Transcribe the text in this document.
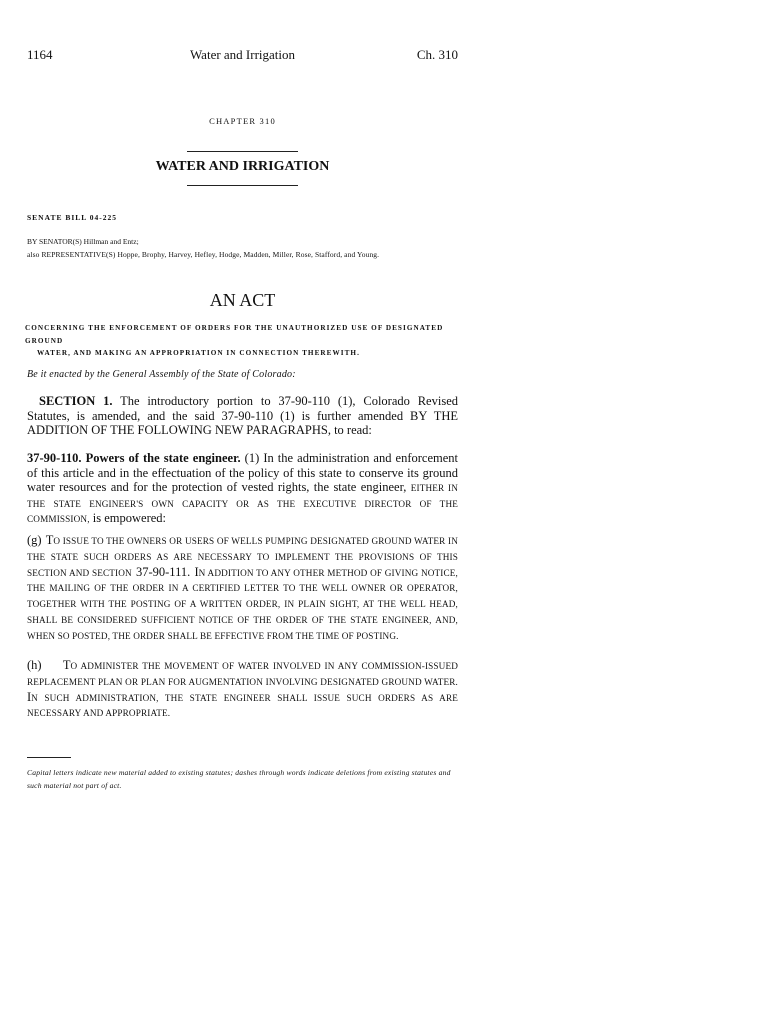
1164	Water and Irrigation	Ch. 310
CHAPTER 310
WATER AND IRRIGATION
SENATE BILL 04-225
BY SENATOR(S) Hillman and Entz;
also REPRESENTATIVE(S) Hoppe, Brophy, Harvey, Hefley, Hodge, Madden, Miller, Rose, Stafford, and Young.
AN ACT
CONCERNING THE ENFORCEMENT OF ORDERS FOR THE UNAUTHORIZED USE OF DESIGNATED GROUND
WATER, AND MAKING AN APPROPRIATION IN CONNECTION THEREWITH.
Be it enacted by the General Assembly of the State of Colorado:
SECTION 1. The introductory portion to 37-90-110 (1), Colorado Revised Statutes, is amended, and the said 37-90-110 (1) is further amended BY THE ADDITION OF THE FOLLOWING NEW PARAGRAPHS, to read:
37-90-110. Powers of the state engineer. (1) In the administration and enforcement of this article and in the effectuation of the policy of this state to conserve its ground water resources and for the protection of vested rights, the state engineer, EITHER IN THE STATE ENGINEER'S OWN CAPACITY OR AS THE EXECUTIVE DIRECTOR OF THE COMMISSION, is empowered:
(g) TO ISSUE TO THE OWNERS OR USERS OF WELLS PUMPING DESIGNATED GROUND WATER IN THE STATE SUCH ORDERS AS ARE NECESSARY TO IMPLEMENT THE PROVISIONS OF THIS SECTION AND SECTION 37-90-111. IN ADDITION TO ANY OTHER METHOD OF GIVING NOTICE, THE MAILING OF THE ORDER IN A CERTIFIED LETTER TO THE WELL OWNER OR OPERATOR, TOGETHER WITH THE POSTING OF A WRITTEN ORDER, IN PLAIN SIGHT, AT THE WELL HEAD, SHALL BE CONSIDERED SUFFICIENT NOTICE OF THE ORDER OF THE STATE ENGINEER, AND, WHEN SO POSTED, THE ORDER SHALL BE EFFECTIVE FROM THE TIME OF POSTING.
(h) TO ADMINISTER THE MOVEMENT OF WATER INVOLVED IN ANY COMMISSION-ISSUED REPLACEMENT PLAN OR PLAN FOR AUGMENTATION INVOLVING DESIGNATED GROUND WATER. IN SUCH ADMINISTRATION, THE STATE ENGINEER SHALL ISSUE SUCH ORDERS AS ARE NECESSARY AND APPROPRIATE.
Capital letters indicate new material added to existing statutes; dashes through words indicate deletions from existing statutes and such material not part of act.
